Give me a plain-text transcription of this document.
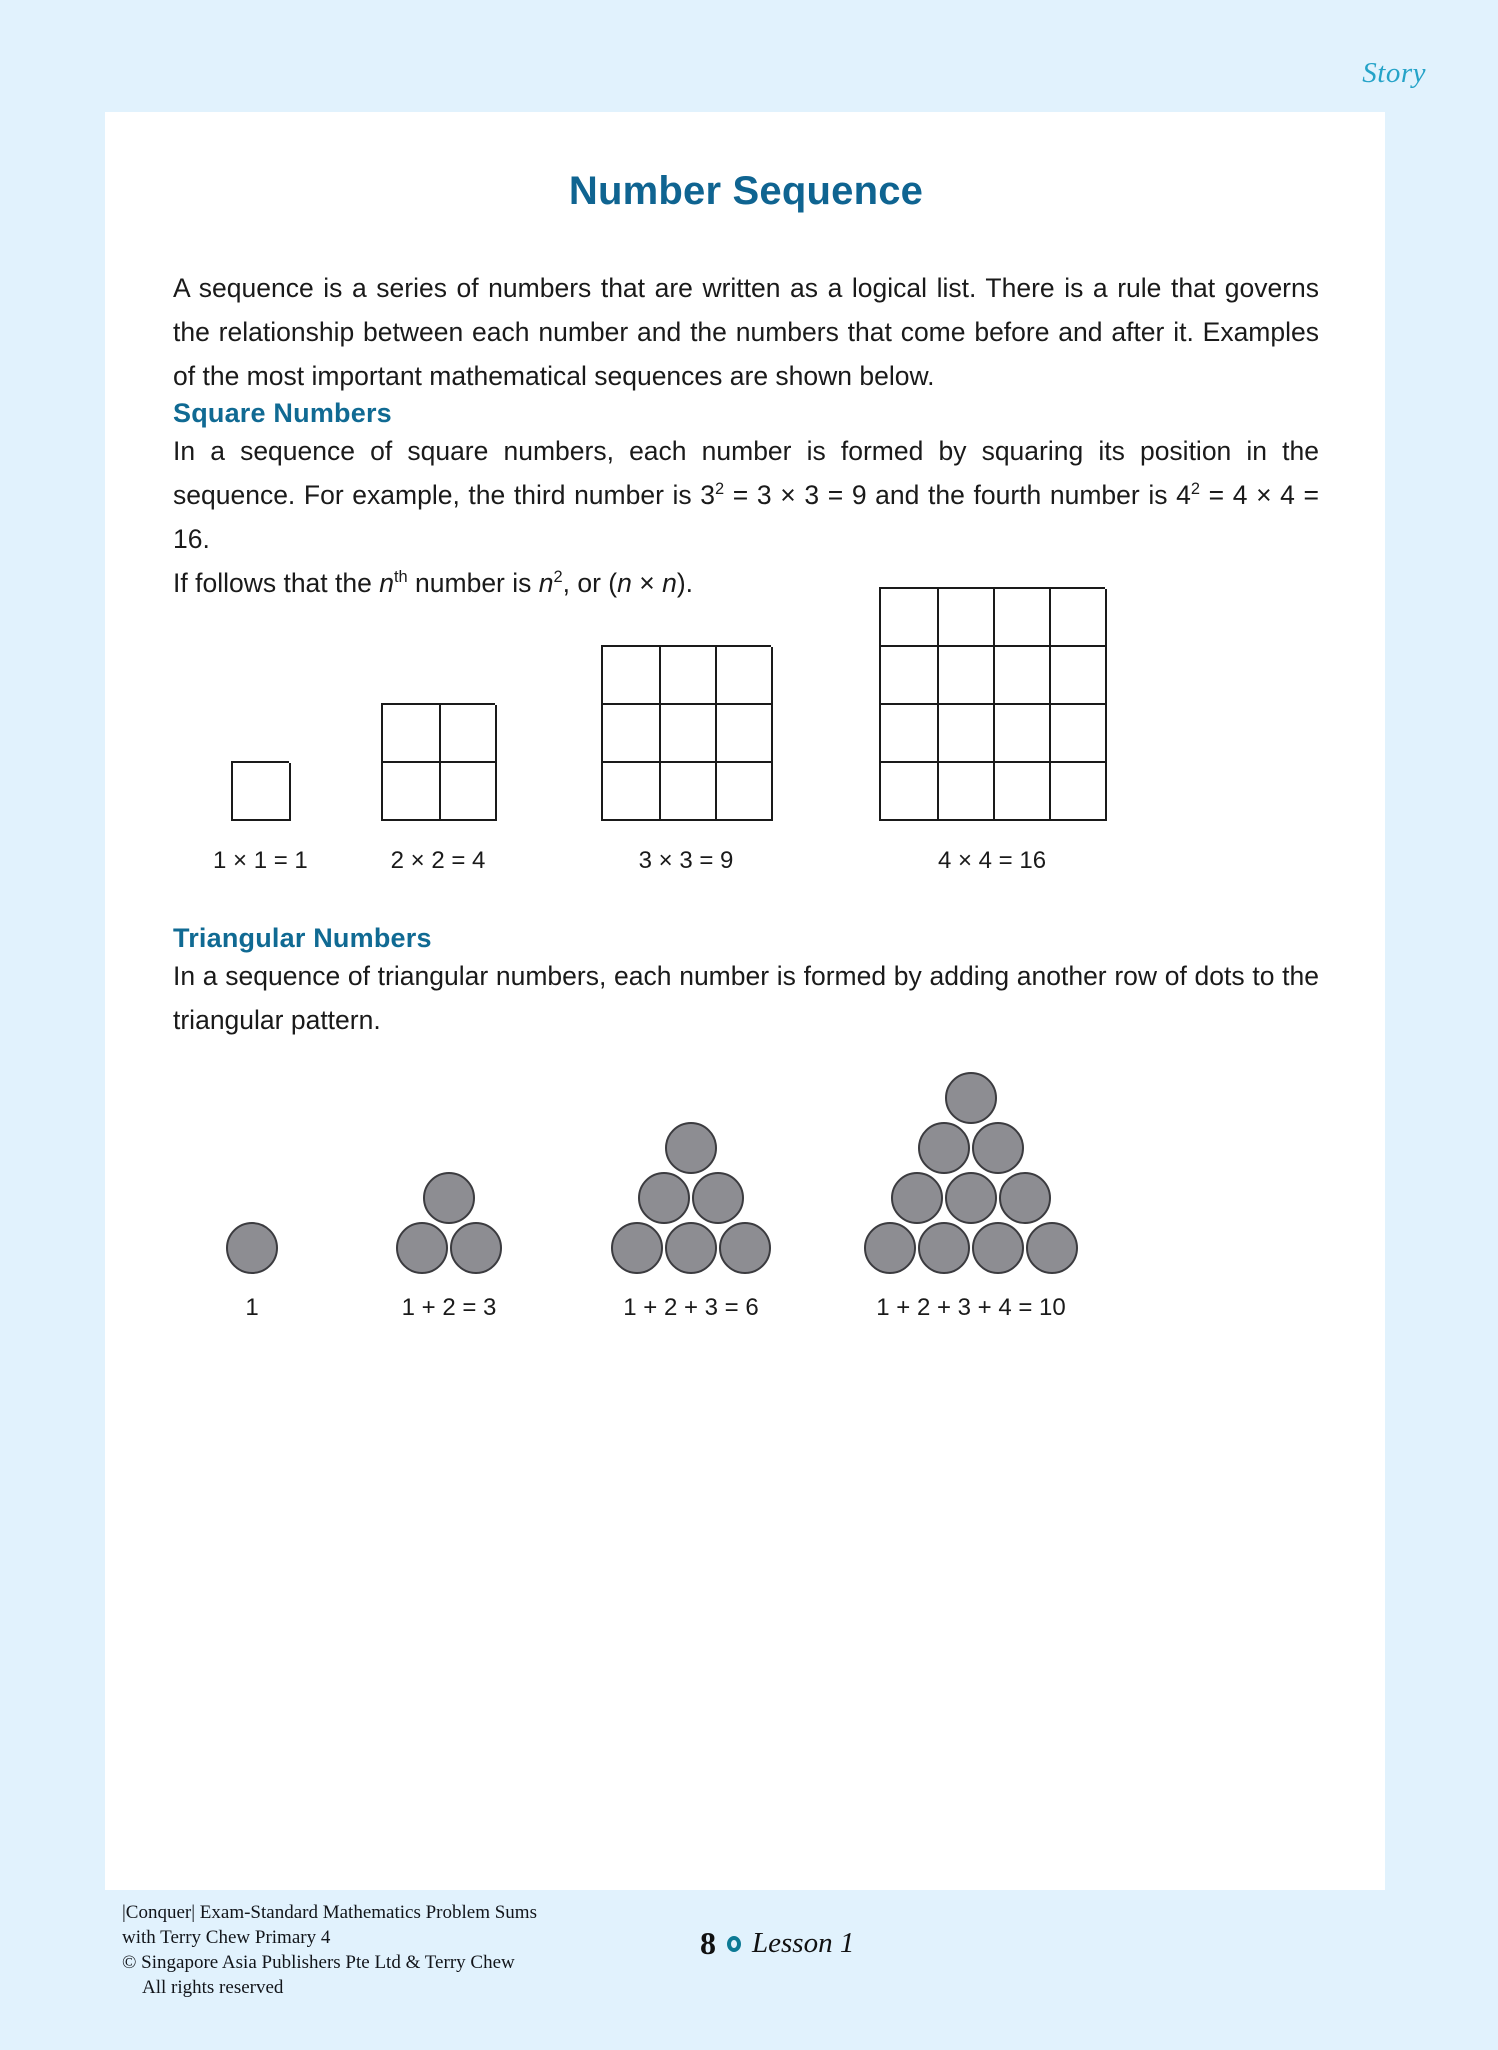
Story
Number Sequence

A sequence is a series of numbers that are written as a logical list. There is a rule that governs the relationship between each number and the numbers that come before and after it. Examples of the most important mathematical sequences are shown below.

Square Numbers

In a sequence of square numbers, each number is formed by squaring its position in the sequence. For example, the third number is $3^2 = 3 \times 3 = 9$ and the fourth number is $4^2 = 4 \times 4 = 16$.

If follows that the $n^{th}$ number is $n^2$, or (n × n).

1 × 1 = 1	2 × 2 = 4	3 × 3 = 9	4 × 4 = 16
Triangular Numbers

In a sequence of triangular numbers, each number is formed by adding another row of dots to the triangular pattern.

1	1 + 2 = 3	1 + 2 + 3 = 6	1 + 2 + 3 + 4 = 10
|Conquer| Exam-Standard Mathematics Problem Sums
with Terry Chew Primary 4
© Singapore Asia Publishers Pte Ltd & Terry Chew
All rights reserved
8 Lesson 1
